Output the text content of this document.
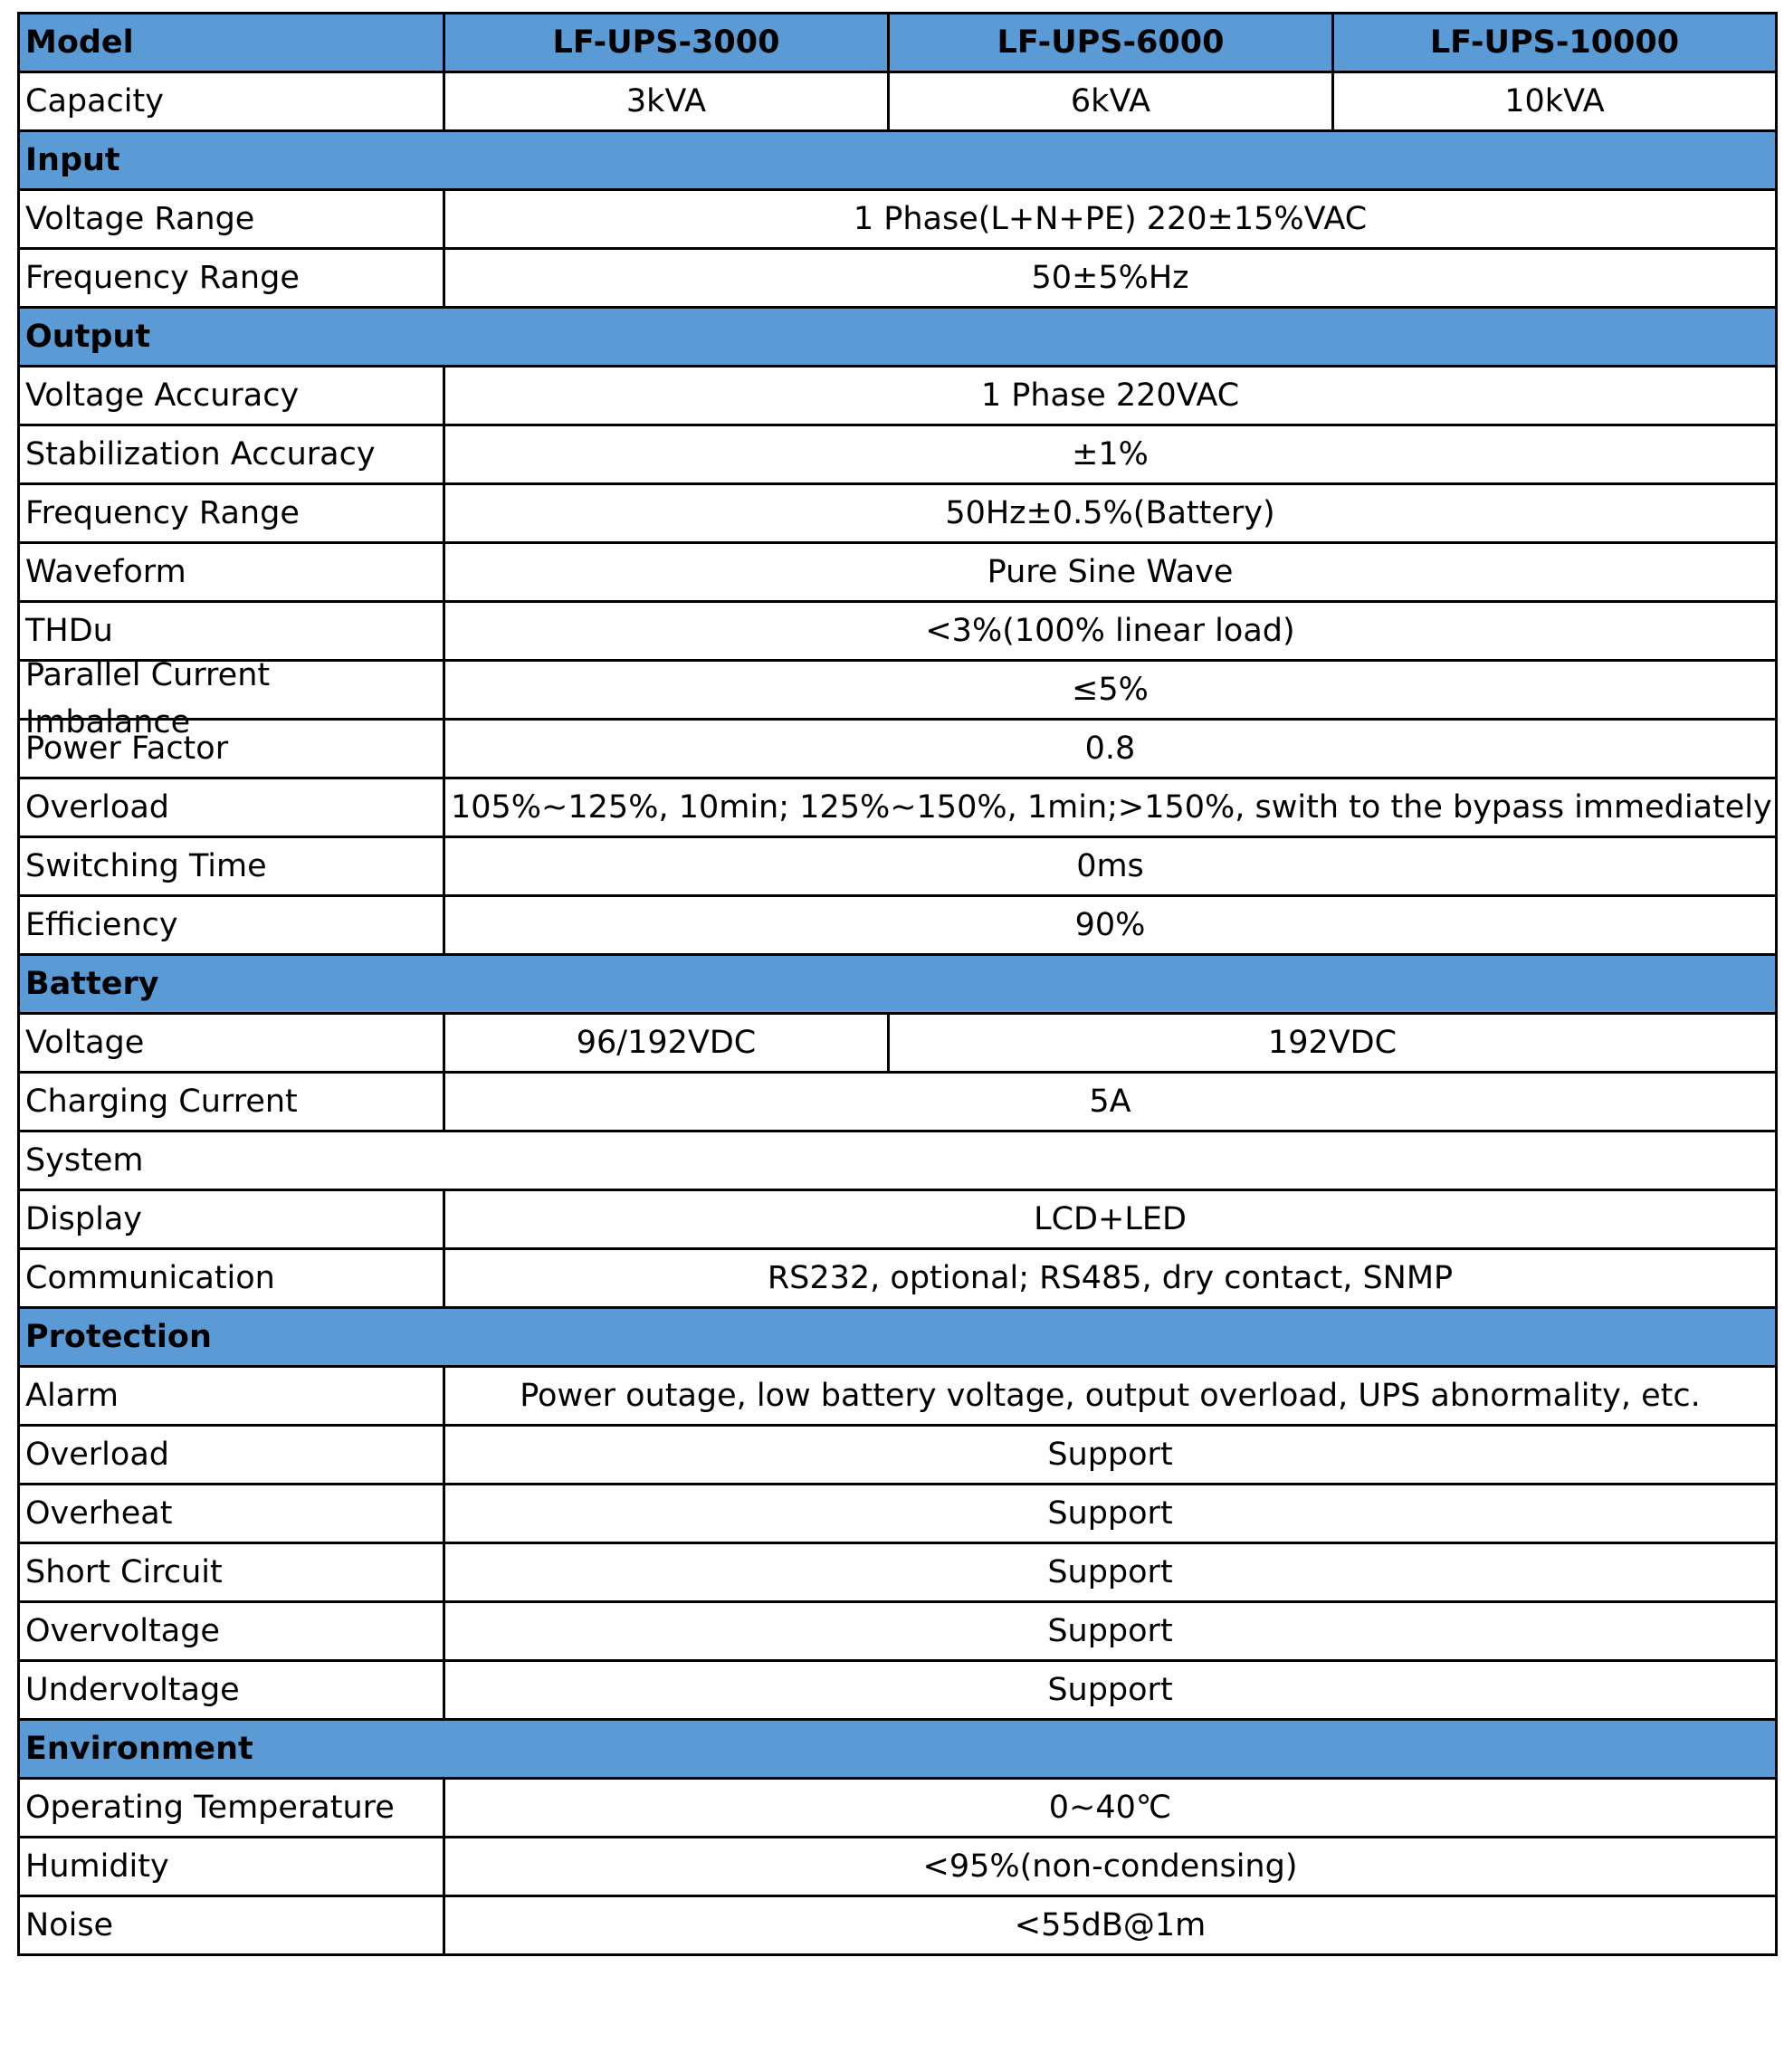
Model	LF-UPS-3000	LF-UPS-6000	LF-UPS-10000
Capacity	3kVA	6kVA	10kVA
Input			
Voltage Range	1 Phase(L+N+PE) 220±15%VAC		
Frequency Range	50±5%Hz		
Output			
Voltage Accuracy	1 Phase 220VAC		
Stabilization Accuracy	±1%		
Frequency Range	50Hz±0.5%(Battery)		
Waveform	Pure Sine Wave		
THDu	<3%(100% linear load)		

Parallel Current Imbalance	≤5%		
Power Factor	0.8		
Overload	105%~125%, 10min; 125%~150%, 1min;>150%, swith to the bypass immediately		
Switching Time	0ms		
Efficiency	90%		
Battery			
Voltage	96/192VDC	192VDC	
Charging Current	5A		
System			
Display	LCD+LED		
Communication	RS232, optional; RS485, dry contact, SNMP		
Protection			
Alarm	Power outage, low battery voltage, output overload, UPS abnormality, etc.		
Overload	Support		
Overheat	Support		
Short Circuit	Support		
Overvoltage	Support		
Undervoltage	Support		
Environment			
Operating Temperature	0~40℃		
Humidity	<95%(non-condensing)		
Noise	<55dB@1m		
